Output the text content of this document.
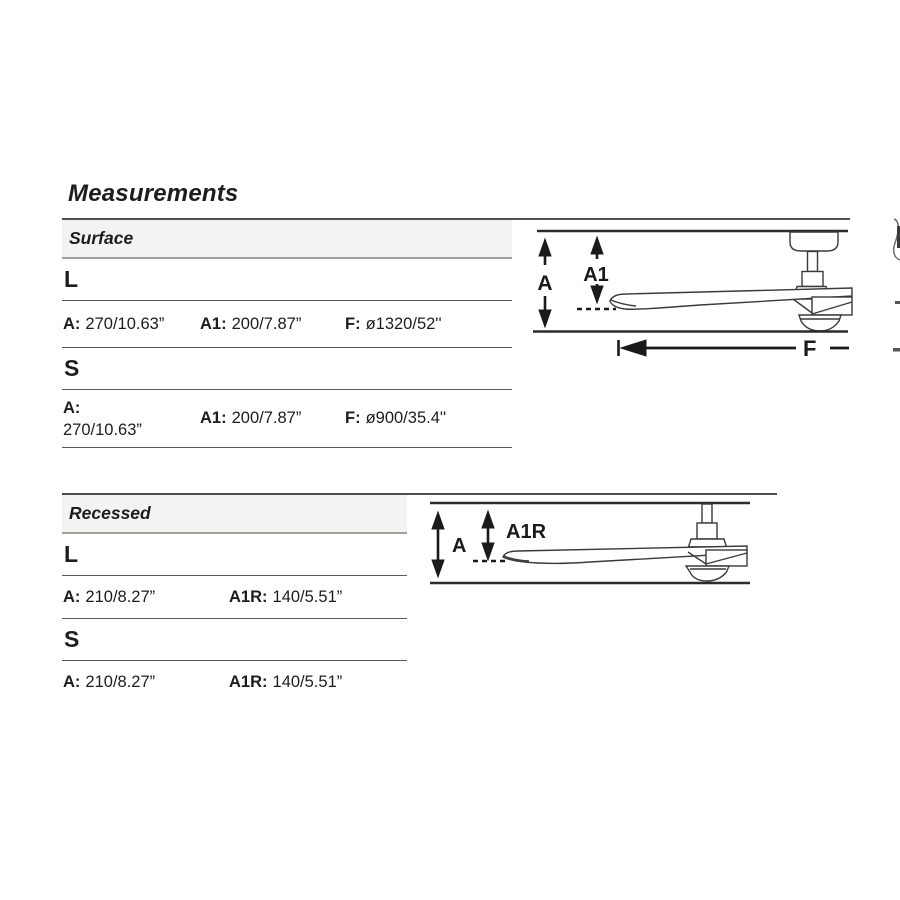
Measurements
Surface
L
A: 270/10.63” A1: 200/7.87”	F: ø1320/52''
S
A:
270/10.63”
A1: 200/7.87”	F: ø900/35.4''
A A1
F
Recessed
L
A: 210/8.27”	A1R: 140/5.51”
S
A: 210/8.27”	A1R: 140/5.51”
A
A1R
